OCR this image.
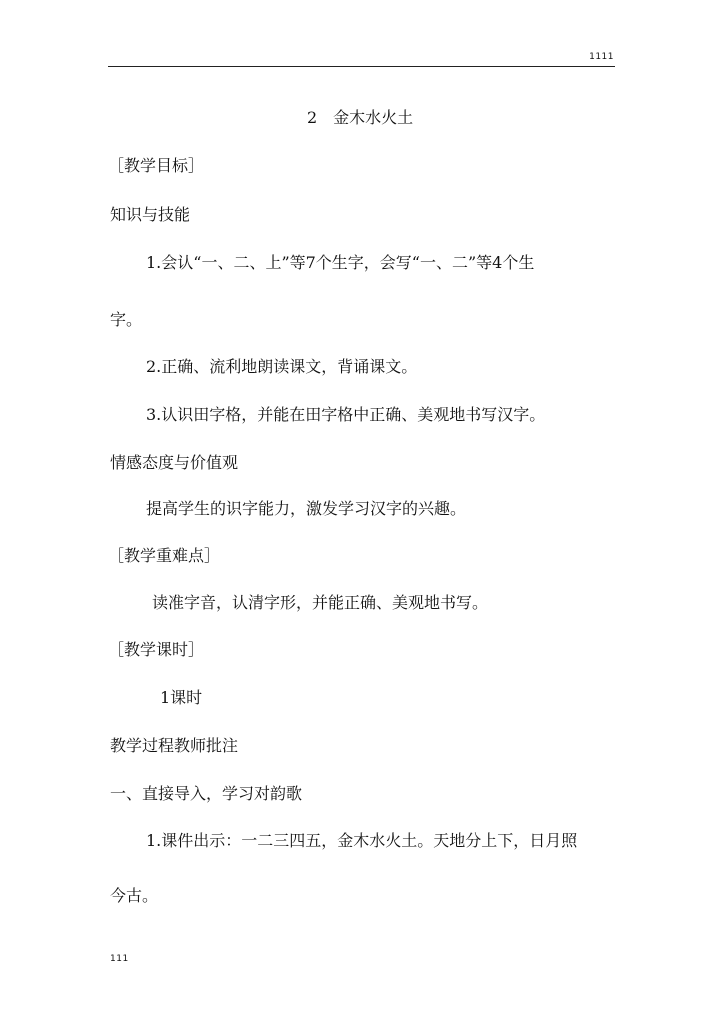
1111
2　金木水火土
［教学目标］
知识与技能
1.会认“一、二、上”等7个生字，会写“一、二”等4个生
字。
2.正确、流利地朗读课文，背诵课文。
3.认识田字格，并能在田字格中正确、美观地书写汉字。
情感态度与价值观
提高学生的识字能力，激发学习汉字的兴趣。
［教学重难点］
读准字音，认清字形，并能正确、美观地书写。
［教学课时］
1课时
教学过程教师批注
一、直接导入，学习对韵歌
1.课件出示：一二三四五，金木水火土。天地分上下，日月照
今古。
111
